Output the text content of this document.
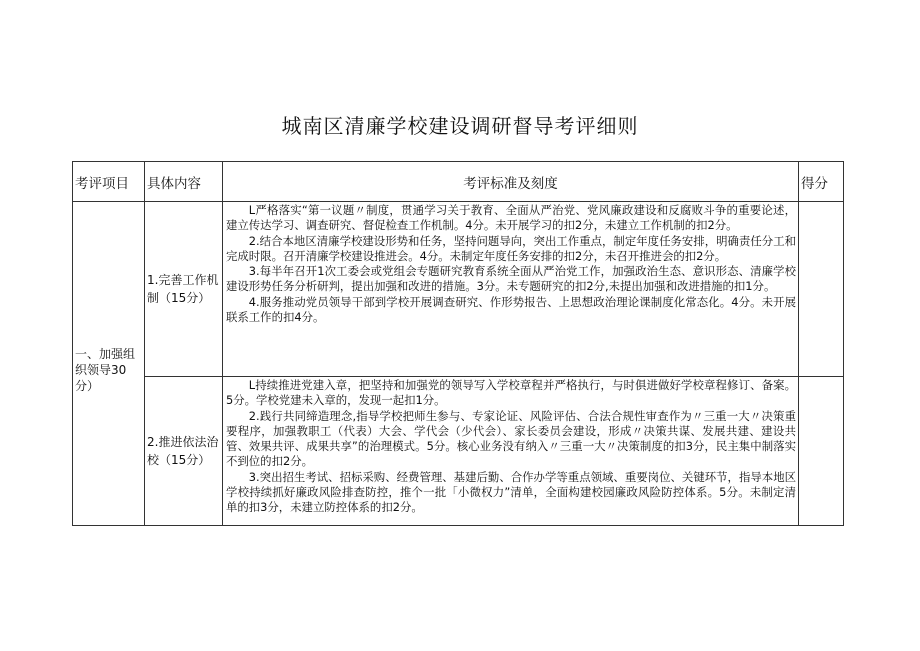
城南区清廉学校建设调研督导考评细则
考评项目	具体内容	考评标准及刻度	得分

一、加强组织领导30分）	1.完善工作机制（15分）	L严格落实“第一议题〃制度，贯通学习关于教育、全面从严治党、党风廉政建设和反腐败斗争的重要论述，建立传达学习、调查研究、督促检查工作机制。4分。未开展学习的扣2分，未建立工作机制的扣2分。

2.结合本地区清廉学校建设形势和任务，坚持问题导向，突出工作重点，制定年度任务安排，明确责任分工和完成时限。召开清廉学校建设推进会。4分。未制定年度任务安排的扣2分，未召开推进会的扣2分。

3.每半年召开1次工委会或党组会专题研究教育系统全面从严治党工作，加强政治生态、意识形态、清廉学校建设形势任务分析研判，提出加强和改进的措施。3分。未专题研究的扣2分,未提出加强和改进措施的扣1分。

4.服务推动党员领导干部到学校开展调查研究、作形势报告、上思想政治理论课制度化常态化。4分。未开展联系工作的扣4分。	

	2.推进依法治校（15分）	L持续推进党建入章，把坚持和加强党的领导写入学校章程并严格执行，与时俱进做好学校章程修订、备案。5分。学校党建未入章的，发现一起扣1分。

2.践行共同缔造理念,指导学校把师生参与、专家论证、风险评估、合法合规性审查作为〃三重一大〃决策重要程序，加强教职工（代表）大会、学代会（少代会）、家长委员会建设，形成〃决策共谋、发展共建、建设共管、效果共评、成果共享”的治理模式。5分。核心业务没有纳入〃三重一大〃决策制度的扣3分，民主集中制落实不到位的扣2分。

3.突出招生考试、招标采购、经费管理、基建后勤、合作办学等重点领域、重要岗位、关键环节，指导本地区学校持续抓好廉政风险排查防控，推个一批「小微权力”清单，全面构建校园廉政风险防控体系。5分。未制定清单的扣3分，未建立防控体系的扣2分。	
